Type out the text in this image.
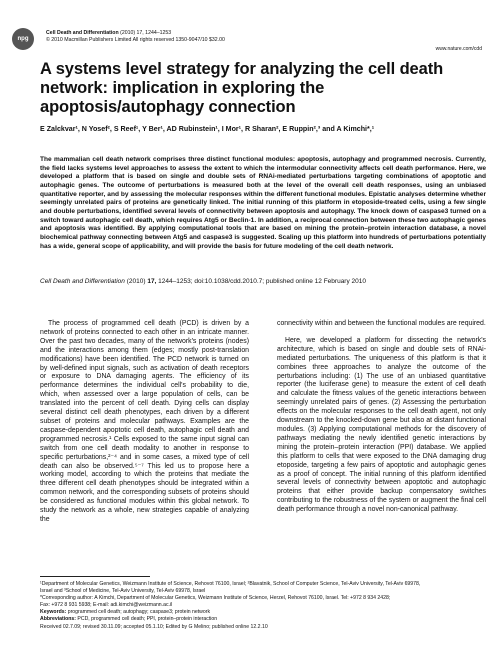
npg
Cell Death and Differentiation (2010) 17, 1244–1253
© 2010 Macmillan Publishers Limited All rights reserved 1350-9047/10 $32.00
www.nature.com/cdd
A systems level strategy for analyzing the cell death network: implication in exploring the apoptosis/autophagy connection
E Zalckvar¹, N Yosef², S Reef¹, Y Ber¹, AD Rubinstein¹, I Mor¹, R Sharan², E Ruppin²,³ and A Kimchi*,¹
The mammalian cell death network comprises three distinct functional modules: apoptosis, autophagy and programmed necrosis. Currently, the field lacks systems level approaches to assess the extent to which the intermodular connectivity affects cell death performance. Here, we developed a platform that is based on single and double sets of RNAi-mediated perturbations targeting combinations of apoptotic and autophagic genes. The outcome of perturbations is measured both at the level of the overall cell death responses, using an unbiased quantitative reporter, and by assessing the molecular responses within the different functional modules. Epistatic analyses determine whether seemingly unrelated pairs of proteins are genetically linked. The initial running of this platform in etoposide-treated cells, using a few single and double perturbations, identified several levels of connectivity between apoptosis and autophagy. The knock down of caspase3 turned on a switch toward autophagic cell death, which requires Atg5 or Beclin-1. In addition, a reciprocal connection between these two autophagic genes and apoptosis was identified. By applying computational tools that are based on mining the protein–protein interaction database, a novel biochemical pathway connecting between Atg5 and caspase3 is suggested. Scaling up this platform into hundreds of perturbations potentially has a wide, general scope of applicability, and will provide the basis for future modeling of the cell death network.
Cell Death and Differentiation (2010) 17, 1244–1253; doi:10.1038/cdd.2010.7; published online 12 February 2010

The process of programmed cell death (PCD) is driven by a network of proteins connected to each other in an intricate manner. Over the past two decades, many of the network's proteins (nodes) and the interactions among them (edges; mostly post-translation modifications) have been identified. The PCD network is turned on by well-defined input signals, such as activation of death receptors or exposure to DNA damaging agents. The efficiency of its performance determines the individual cell's probability to die, which, when assessed over a large population of cells, can be translated into the percent of cell death. Dying cells can display several distinct cell death phenotypes, each driven by a different subset of proteins and molecular pathways. Examples are the caspase-dependent apoptotic cell death, autophagic cell death and programmed necrosis.¹ Cells exposed to the same input signal can switch from one cell death modality to another in response to specific perturbations,²⁻⁴ and in some cases, a mixed type of cell death can also be observed.⁵⁻⁷ This led us to propose here a working model, according to which the proteins that mediate the three different cell death phenotypes should be integrated within a common network, and the corresponding subsets of proteins should be considered as functional modules within this global network. To study the network as a whole, new strategies capable of analyzing the

connectivity within and between the functional modules are required.

Here, we developed a platform for dissecting the network's architecture, which is based on single and double sets of RNAi-mediated perturbations. The uniqueness of this platform is that it combines three approaches to analyze the outcome of the perturbations including: (1) The use of an unbiased quantitative reporter (the luciferase gene) to measure the extent of cell death and calculate the fitness values of the genetic interactions between seemingly unrelated pairs of genes. (2) Assessing the perturbation effects on the molecular responses to the cell death agent, not only downstream to the knocked-down gene but also at distant functional modules. (3) Applying computational methods for the discovery of pathways mediating the newly identified genetic interactions by mining the protein–protein interaction (PPI) database. We applied this platform to cells that were exposed to the DNA damaging drug etoposide, targeting a few pairs of apoptotic and autophagic genes as a proof of concept. The initial running of this platform identified several levels of connectivity between apoptotic and autophagic proteins that either provide backup compensatory switches contributing to the robustness of the system or augment the final cell death performance through a novel non-canonical pathway.

¹Department of Molecular Genetics, Weizmann Institute of Science, Rehovot 76100, Israel; ²Blavatnik, School of Computer Science, Tel-Aviv University, Tel-Aviv 69978,
Israel and ³School of Medicine, Tel-Aviv University, Tel-Aviv 69978, Israel
*Corresponding author: A Kimchi, Department of Molecular Genetics, Weizmann Institute of Science, Herzel, Rehovot 76100, Israel. Tel: +972 8 934 2428;
Fax: +972 8 931 5938; E-mail: adi.kimchi@weizmann.ac.il
Keywords: programmed cell death; autophagy; caspase3; protein network
Abbreviations: PCD, programmed cell death; PPI, protein–protein interaction
Received 02.7.09; revised 30.11.09; accepted 05.1.10; Edited by G Melino; published online 12.2.10
